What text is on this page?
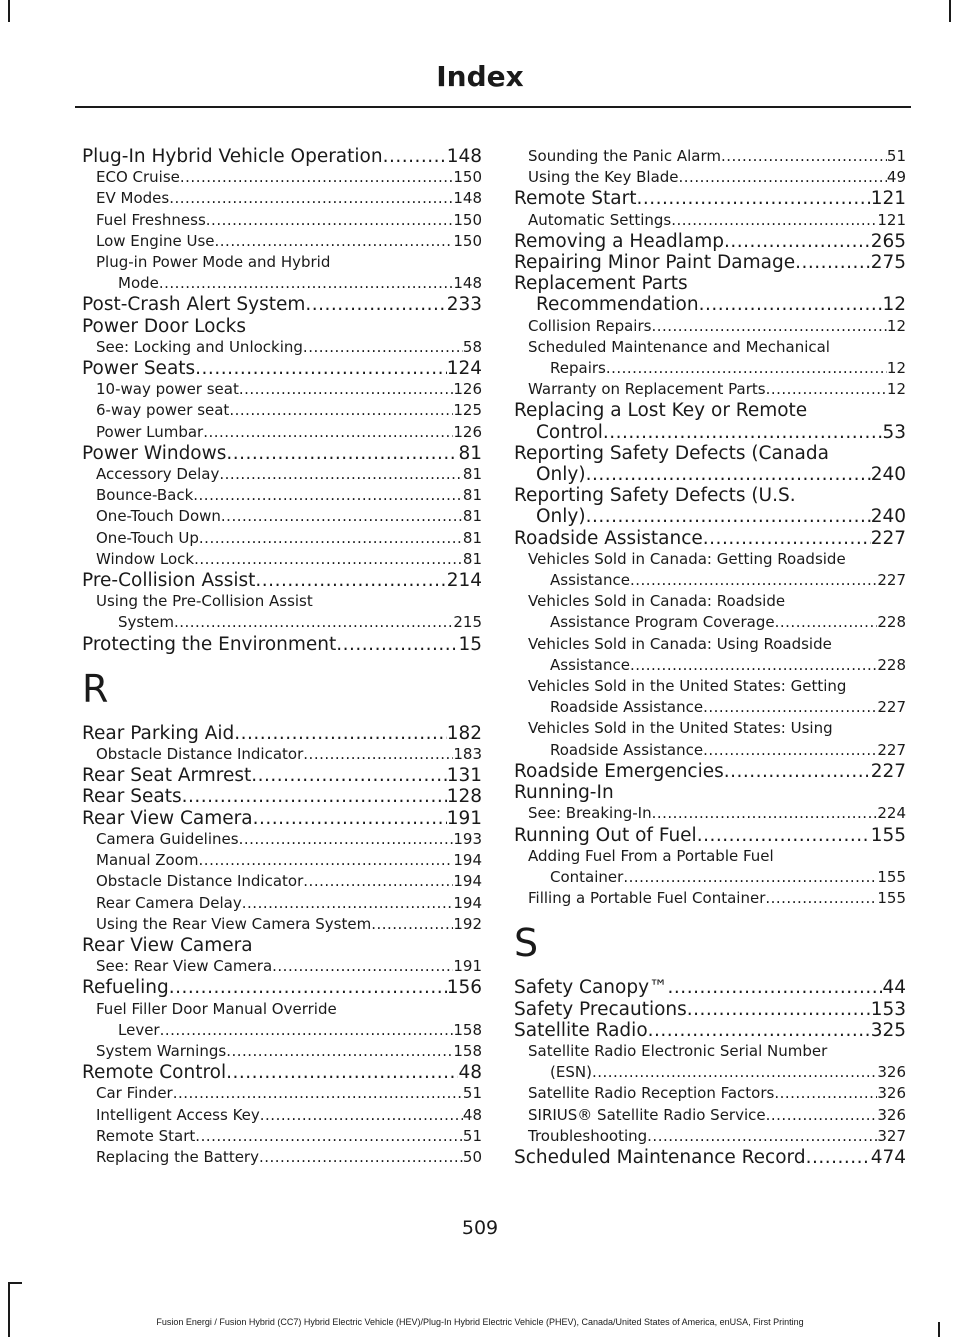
Index
Plug-In Hybrid Vehicle Operation .....	148
ECO Cruise .....	150
EV Modes .....	148
Fuel Freshness .....	150
Low Engine Use .....	150
Plug-in Power Mode and Hybrid
Mode .....	148
Post-Crash Alert System .....	233
Power Door Locks
See: Locking and Unlocking .....	58
Power Seats .....	124
10-way power seat .....	126
6-way power seat .....	125
Power Lumbar .....	126
Power Windows .....	81
Accessory Delay .....	81
Bounce-Back .....	81
One-Touch Down .....	81
One-Touch Up .....	81
Window Lock .....	81
Pre-Collision Assist .....	214
Using the Pre-Collision Assist
System .....	215
Protecting the Environment .....	15
R
Rear Parking Aid .....	182
Obstacle Distance Indicator .....	183
Rear Seat Armrest .....	131
Rear Seats .....	128
Rear View Camera .....	191
Camera Guidelines .....	193
Manual Zoom .....	194
Obstacle Distance Indicator .....	194
Rear Camera Delay .....	194
Using the Rear View Camera System .....	192
Rear View Camera
See: Rear View Camera .....	191
Refueling .....	156
Fuel Filler Door Manual Override
Lever .....	158
System Warnings .....	158
Remote Control .....	48
Car Finder .....	51
Intelligent Access Key .....	48
Remote Start .....	51
Replacing the Battery .....	50
Sounding the Panic Alarm .....	51
Using the Key Blade .....	49
Remote Start .....	121
Automatic Settings .....	121
Removing a Headlamp .....	265
Repairing Minor Paint Damage .....	275
Replacement Parts
Recommendation .....	12
Collision Repairs .....	12
Scheduled Maintenance and Mechanical
Repairs .....	12
Warranty on Replacement Parts .....	12
Replacing a Lost Key or Remote
Control .....	53
Reporting Safety Defects (Canada
Only) .....	240
Reporting Safety Defects (U.S.
Only) .....	240
Roadside Assistance .....	227
Vehicles Sold in Canada: Getting Roadside
Assistance .....	227
Vehicles Sold in Canada: Roadside
Assistance Program Coverage .....	228
Vehicles Sold in Canada: Using Roadside
Assistance .....	228
Vehicles Sold in the United States: Getting
Roadside Assistance .....	227
Vehicles Sold in the United States: Using
Roadside Assistance .....	227
Roadside Emergencies .....	227
Running-In
See: Breaking-In .....	224
Running Out of Fuel .....	155
Adding Fuel From a Portable Fuel
Container .....	155
Filling a Portable Fuel Container .....	155
S
Safety Canopy™ .....	44
Safety Precautions .....	153
Satellite Radio .....	325
Satellite Radio Electronic Serial Number
(ESN) .....	326
Satellite Radio Reception Factors .....	326
SIRIUS® Satellite Radio Service .....	326
Troubleshooting .....	327
Scheduled Maintenance Record .....	474
509
Fusion Energi / Fusion Hybrid (CC7) Hybrid Electric Vehicle (HEV)/Plug-In Hybrid Electric Vehicle (PHEV), Canada/United States of America, enUSA, First Printing
